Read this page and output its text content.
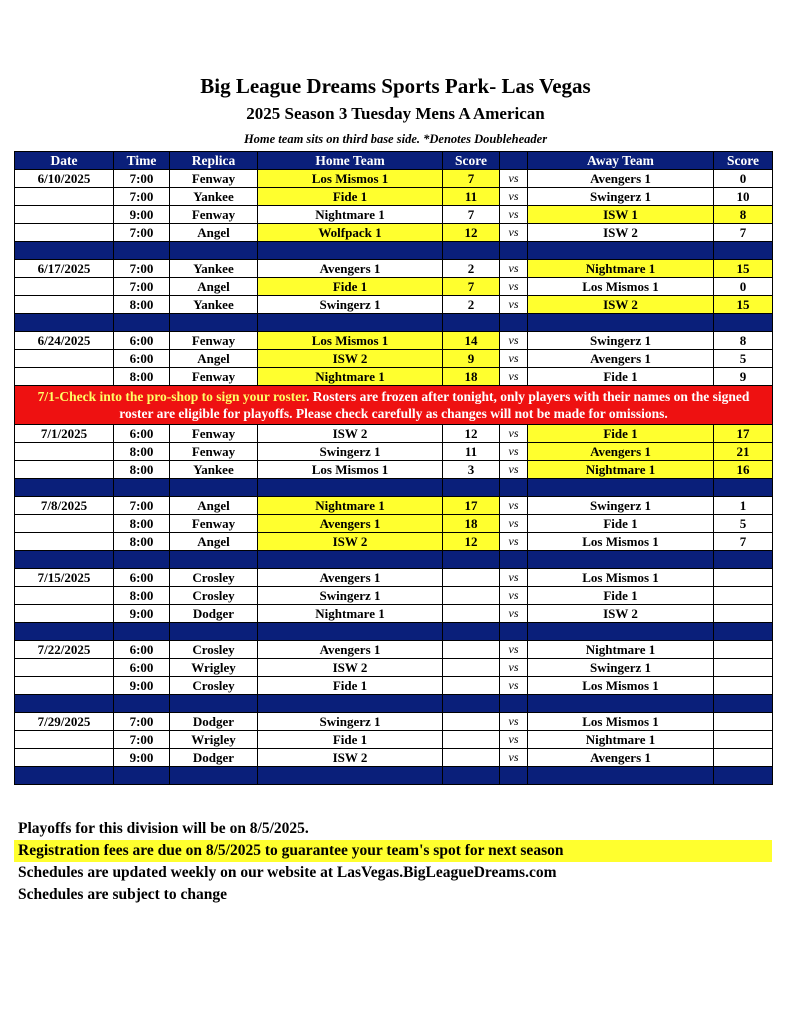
Big League Dreams Sports Park- Las Vegas
2025 Season 3 Tuesday Mens A American
Home team sits on third base side. *Denotes Doubleheader
Date	Time	Replica	Home Team	Score		Away Team	Score
6/10/2025	7:00	Fenway	Los Mismos 1	7	vs	Avengers 1	0
	7:00	Yankee	Fide 1	11	vs	Swingerz 1	10
	9:00	Fenway	Nightmare 1	7	vs	ISW 1	8
	7:00	Angel	Wolfpack 1	12	vs	ISW 2	7

6/17/2025	7:00	Yankee	Avengers 1	2	vs	Nightmare 1	15
	7:00	Angel	Fide 1	7	vs	Los Mismos 1	0
	8:00	Yankee	Swingerz 1	2	vs	ISW 2	15

6/24/2025	6:00	Fenway	Los Mismos 1	14	vs	Swingerz 1	8
	6:00	Angel	ISW 2	9	vs	Avengers 1	5
	8:00	Fenway	Nightmare 1	18	vs	Fide 1	9
7/1-Check into the pro-shop to sign your roster. Rosters are frozen after tonight, only players with their names on the signed roster are eligible for playoffs. Please check carefully as changes will not be made for omissions.							
7/1/2025	6:00	Fenway	ISW 2	12	vs	Fide 1	17
	8:00	Fenway	Swingerz 1	11	vs	Avengers 1	21
	8:00	Yankee	Los Mismos 1	3	vs	Nightmare 1	16

7/8/2025	7:00	Angel	Nightmare 1	17	vs	Swingerz 1	1
	8:00	Fenway	Avengers 1	18	vs	Fide 1	5
	8:00	Angel	ISW 2	12	vs	Los Mismos 1	7

7/15/2025	6:00	Crosley	Avengers 1		vs	Los Mismos 1	
	8:00	Crosley	Swingerz 1		vs	Fide 1	
	9:00	Dodger	Nightmare 1		vs	ISW 2	

7/22/2025	6:00	Crosley	Avengers 1		vs	Nightmare 1	
	6:00	Wrigley	ISW 2		vs	Swingerz 1	
	9:00	Crosley	Fide 1		vs	Los Mismos 1	

7/29/2025	7:00	Dodger	Swingerz 1		vs	Los Mismos 1	
	7:00	Wrigley	Fide 1		vs	Nightmare 1	
	9:00	Dodger	ISW 2		vs	Avengers 1	

Playoffs for this division will be on 8/5/2025.
Registration fees are due on 8/5/2025 to guarantee your team's spot for next season
Schedules are updated weekly on our website at LasVegas.BigLeagueDreams.com
Schedules are subject to change
